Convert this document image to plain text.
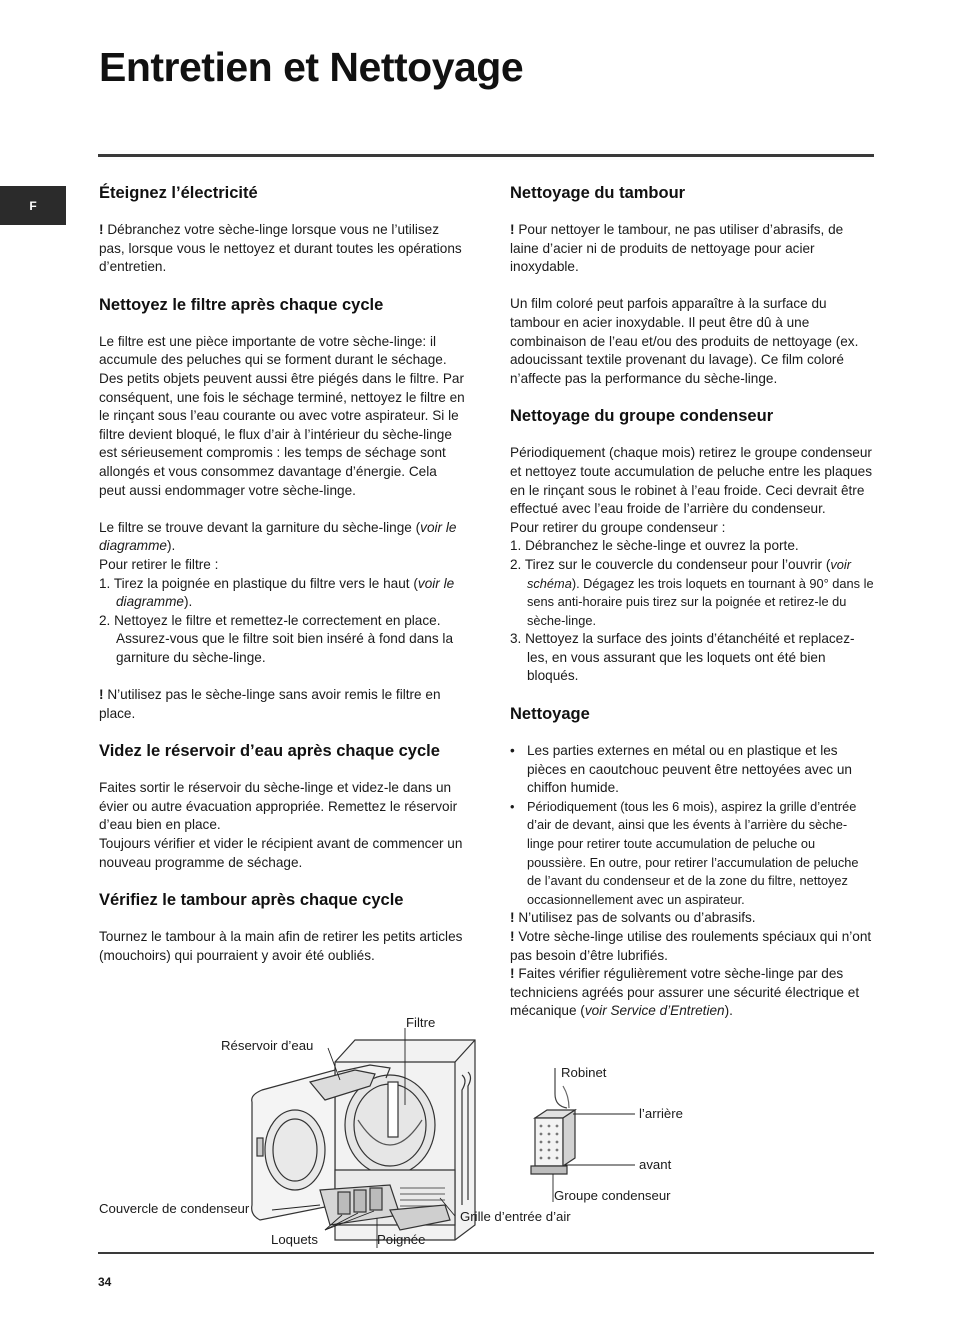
Entretien et Nettoyage
F
Éteignez l’électricité

! Débranchez votre sèche-linge lorsque vous ne l’utilisez pas, lorsque vous le nettoyez et durant toutes les opérations d’entretien.

Nettoyez le filtre après chaque cycle

Le filtre est une pièce importante de votre sèche-linge: il accumule des peluches qui se forment durant le séchage. Des petits objets peuvent aussi être piégés dans le filtre. Par conséquent, une fois le séchage terminé, nettoyez le filtre en le rinçant sous l’eau courante ou avec votre aspirateur. Si le filtre devient bloqué, le flux d’air à l’intérieur du sèche-linge est sérieusement compromis : les temps de séchage sont allongés et vous consommez davantage d’énergie. Cela peut aussi endommager votre sèche-linge.

Le filtre se trouve devant la garniture du sèche-linge (voir le diagramme).

Pour retirer le filtre :

1. Tirez la poignée en plastique du filtre vers le haut (voir le diagramme).
2. Nettoyez le filtre et remettez-le correctement en place. Assurez-vous que le filtre soit bien inséré à fond dans la garniture du sèche-linge.

! N’utilisez pas le sèche-linge sans avoir remis le filtre en place.

Videz le réservoir d’eau après chaque cycle

Faites sortir le réservoir du sèche-linge et videz-le dans un évier ou autre évacuation appropriée. Remettez le réservoir d’eau bien en place.

Toujours vérifier et vider le récipient avant de commencer un nouveau programme de séchage.

Vérifiez le tambour après chaque cycle

Tournez le tambour à la main afin de retirer les petits articles (mouchoirs) qui pourraient y avoir été oubliés.

Nettoyage du tambour

! Pour nettoyer le tambour, ne pas utiliser d’abrasifs, de laine d’acier ni de produits de nettoyage pour acier inoxydable.

Un film coloré peut parfois apparaître à la surface du tambour en acier inoxydable. Il peut être dû à une combinaison de l’eau et/ou des produits de nettoyage (ex. adoucissant textile provenant du lavage). Ce film coloré n’affecte pas la performance du sèche-linge.

Nettoyage du groupe condenseur

Périodiquement (chaque mois) retirez le groupe condenseur et nettoyez toute accumulation de peluche entre les plaques en le rinçant sous le robinet à l’eau froide. Ceci devrait être effectué avec l’eau froide de l’arrière du condenseur.

Pour retirer du groupe condenseur :

1. Débranchez le sèche-linge et ouvrez la porte.
2. Tirez sur le couvercle du condenseur pour l’ouvrir (voir schéma). Dégagez les trois loquets en tournant à 90° dans le sens anti-horaire puis tirez sur la poignée et retirez-le du sèche-linge.
3. Nettoyez la surface des joints d’étanchéité et replacez-les, en vous assurant que les loquets ont été bien bloqués.
Nettoyage
• Les parties externes en métal ou en plastique et les pièces en caoutchouc peuvent être nettoyées avec un chiffon humide.
• Périodiquement (tous les 6 mois), aspirez la grille d’entrée d’air de devant, ainsi que les évents à l’arrière du sèche-linge pour retirer toute accumulation de peluche ou poussière. En outre, pour retirer l’accumulation de peluche de l’avant du condenseur et de la zone du filtre, nettoyez occasionnellement avec un aspirateur.

! N’utilisez pas de solvants ou d’abrasifs.

! Votre sèche-linge utilise des roulements spéciaux qui n’ont pas besoin d’être lubrifiés.

! Faites vérifier régulièrement votre sèche-linge par des techniciens agréés pour assurer une sécurité électrique et mécanique (voir Service d’Entretien).

Filtre
Réservoir d’eau
Couvercle de condenseur
Grille d’entrée d’air
Loquets	Poignée
Robinet
l’arrière
avant
Groupe condenseur
34
